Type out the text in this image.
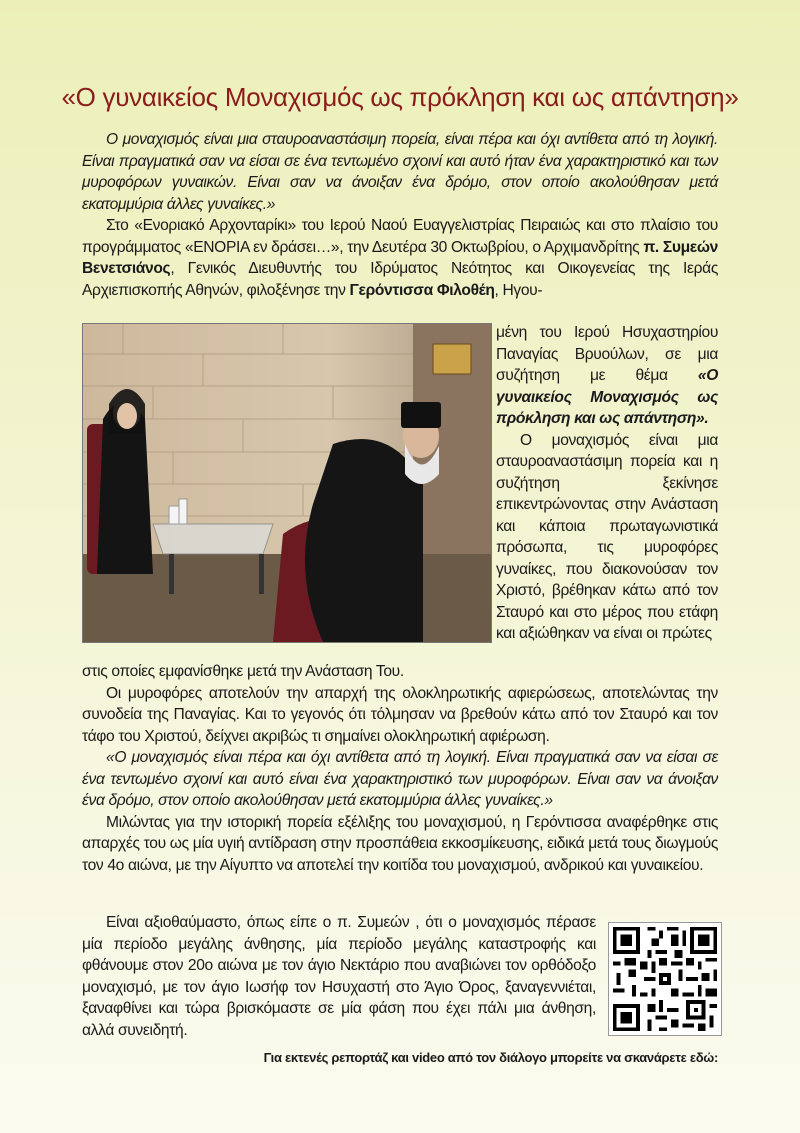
«Ο γυναικείος Μοναχισμός ως πρόκληση και ως απάντηση»

Ο μοναχισμός είναι μια σταυροαναστάσιμη πορεία, είναι πέρα και όχι αντίθετα από τη λογική. Είναι πραγματικά σαν να είσαι σε ένα τεντωμένο σχοινί και αυτό ήταν ένα χαρακτηριστικό και των μυροφόρων γυναικών. Είναι σαν να άνοιξαν ένα δρόμο, στον οποίο ακολούθησαν μετά εκατομμύρια άλλες γυναίκες.»

Στο «Ενοριακό Αρχονταρίκι» του Ιερού Ναού Ευαγγελιστρίας Πειραιώς και στο πλαίσιο του προγράμματος «ΕΝΟΡΙΑ εν δράσει…», την Δευτέρα 30 Οκτωβρίου, ο Αρχιμανδρίτης π. Συμεών Βενετσιάνος, Γενικός Διευθυντής του Ιδρύματος Νεότητος και Οικογενείας της Ιεράς Αρχιεπισκοπής Αθηνών, φιλοξένησε την Γερόντισσα Φιλοθέη, Ηγου-

μένη του Ιερού Ησυχαστηρίου Παναγίας Βρυούλων, σε μια συζήτηση με θέμα «Ο γυναικείος Μοναχισμός ως πρόκληση και ως απάντηση».

Ο μοναχισμός είναι μια σταυροαναστάσιμη πορεία και η συζήτηση ξεκίνησε επικεντρώνοντας στην Ανάσταση και κάποια πρωταγωνιστικά πρόσωπα, τις μυροφόρες γυναίκες, που διακονούσαν τον Χριστό, βρέθηκαν κάτω από τον Σταυρό και στο μέρος που ετάφη και αξιώθηκαν να είναι οι πρώτες

στις οποίες εμφανίσθηκε μετά την Ανάσταση Του.

Οι μυροφόρες αποτελούν την απαρχή της ολοκληρωτικής αφιερώσεως, αποτελώντας την συνοδεία της Παναγίας. Και το γεγονός ότι τόλμησαν να βρεθούν κάτω από τον Σταυρό και τον τάφο του Χριστού, δείχνει ακριβώς τι σημαίνει ολοκληρωτική αφιέρωση.

«Ο μοναχισμός είναι πέρα και όχι αντίθετα από τη λογική. Είναι πραγματικά σαν να είσαι σε ένα τεντωμένο σχοινί και αυτό είναι ένα χαρακτηριστικό των μυροφόρων. Είναι σαν να άνοιξαν ένα δρόμο, στον οποίο ακολούθησαν μετά εκατομμύρια άλλες γυναίκες.»

Μιλώντας για την ιστορική πορεία εξέλιξης του μοναχισμού, η Γερόντισσα αναφέρθηκε στις απαρχές του ως μία υγιή αντίδραση στην προσπάθεια εκκοσμίκευσης, ειδικά μετά τους διωγμούς τον 4ο αιώνα, με την Αίγυπτο να αποτελεί την κοιτίδα του μοναχισμού, ανδρικού και γυναικείου.

Είναι αξιοθαύμαστο, όπως είπε ο π. Συμεών , ότι ο μοναχισμός πέρασε μία περίοδο μεγάλης άνθησης, μία περίοδο μεγάλης καταστροφής και φθάνουμε στον 20ο αιώνα με τον άγιο Νεκτάριο που αναβιώνει τον ορθόδοξο μοναχισμό, με τον άγιο Ιωσήφ τον Ησυχαστή στο Άγιο Όρος, ξαναγεννιέται, ξαναφθίνει και τώρα βρισκόμαστε σε μία φάση που έχει πάλι μια άνθηση, αλλά συνειδητή.

Για εκτενές ρεπορτάζ και video από τον διάλογο μπορείτε να σκανάρετε εδώ:
